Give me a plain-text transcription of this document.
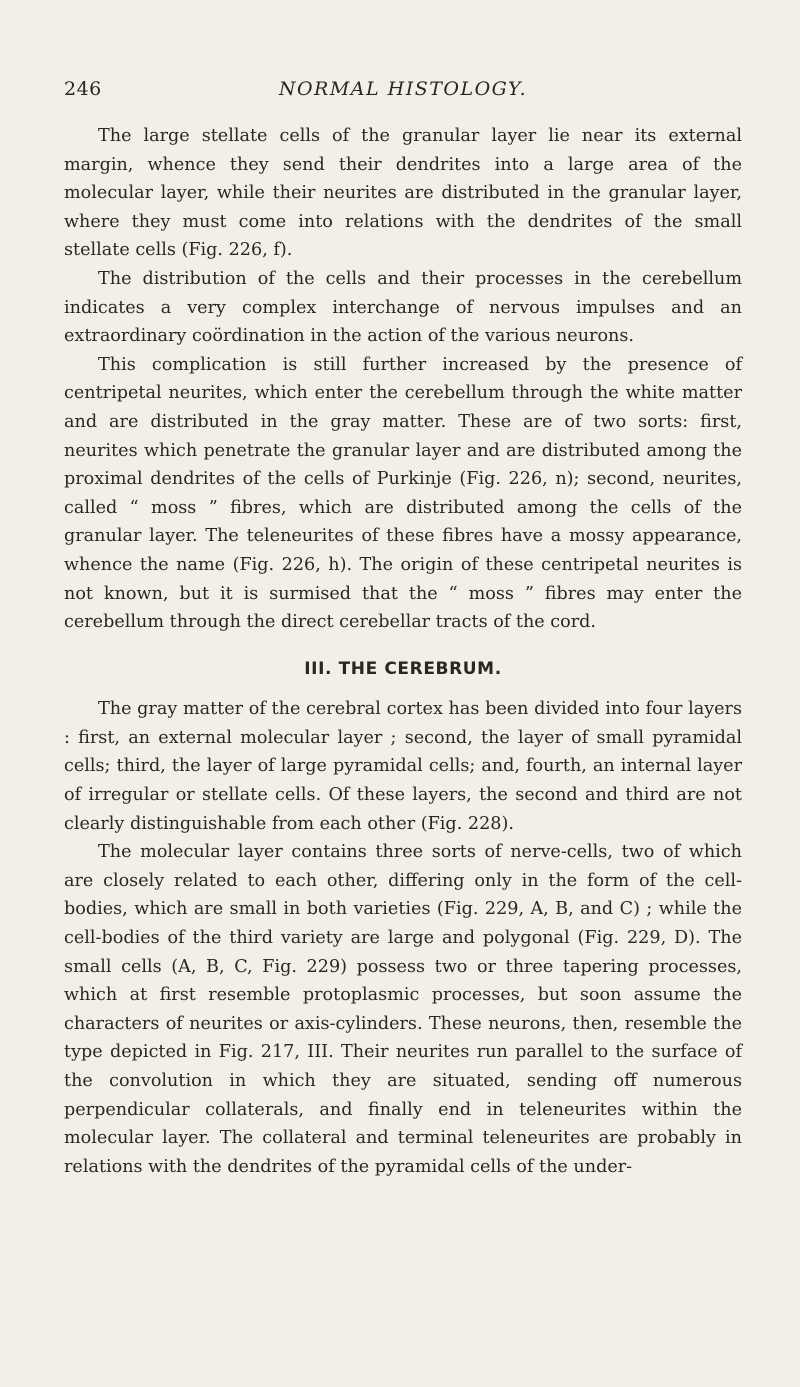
246	NORMAL HISTOLOGY.

The large stellate cells of the granular layer lie near its external margin, whence they send their dendrites into a large area of the molecular layer, while their neurites are distributed in the granular layer, where they must come into relations with the dendrites of the small stellate cells (Fig. 226, f).

The distribution of the cells and their processes in the cerebellum indicates a very complex interchange of nervous impulses and an extraordinary coördination in the action of the various neurons.

This complication is still further increased by the presence of centripetal neurites, which enter the cerebellum through the white matter and are distributed in the gray matter. These are of two sorts: first, neurites which penetrate the granular layer and are distributed among the proximal dendrites of the cells of Purkinje (Fig. 226, n); second, neurites, called “ moss ” fibres, which are distributed among the cells of the granular layer. The teleneurites of these fibres have a mossy appearance, whence the name (Fig. 226, h). The origin of these centripetal neurites is not known, but it is surmised that the “ moss ” fibres may enter the cerebellum through the direct cerebellar tracts of the cord.

III. THE CEREBRUM.

The gray matter of the cerebral cortex has been divided into four layers : first, an external molecular layer ; second, the layer of small pyramidal cells; third, the layer of large pyramidal cells; and, fourth, an internal layer of irregular or stellate cells. Of these layers, the second and third are not clearly distinguishable from each other (Fig. 228).

The molecular layer contains three sorts of nerve-cells, two of which are closely related to each other, differing only in the form of the cell-bodies, which are small in both varieties (Fig. 229, A, B, and C) ; while the cell-bodies of the third variety are large and polygonal (Fig. 229, D). The small cells (A, B, C, Fig. 229) possess two or three tapering processes, which at first resemble protoplasmic processes, but soon assume the characters of neurites or axis-cylinders. These neurons, then, resemble the type depicted in Fig. 217, III. Their neurites run parallel to the surface of the convolution in which they are situated, sending off numerous perpendicular collaterals, and finally end in teleneurites within the molecular layer. The collateral and terminal teleneurites are probably in relations with the dendrites of the pyramidal cells of the under-
